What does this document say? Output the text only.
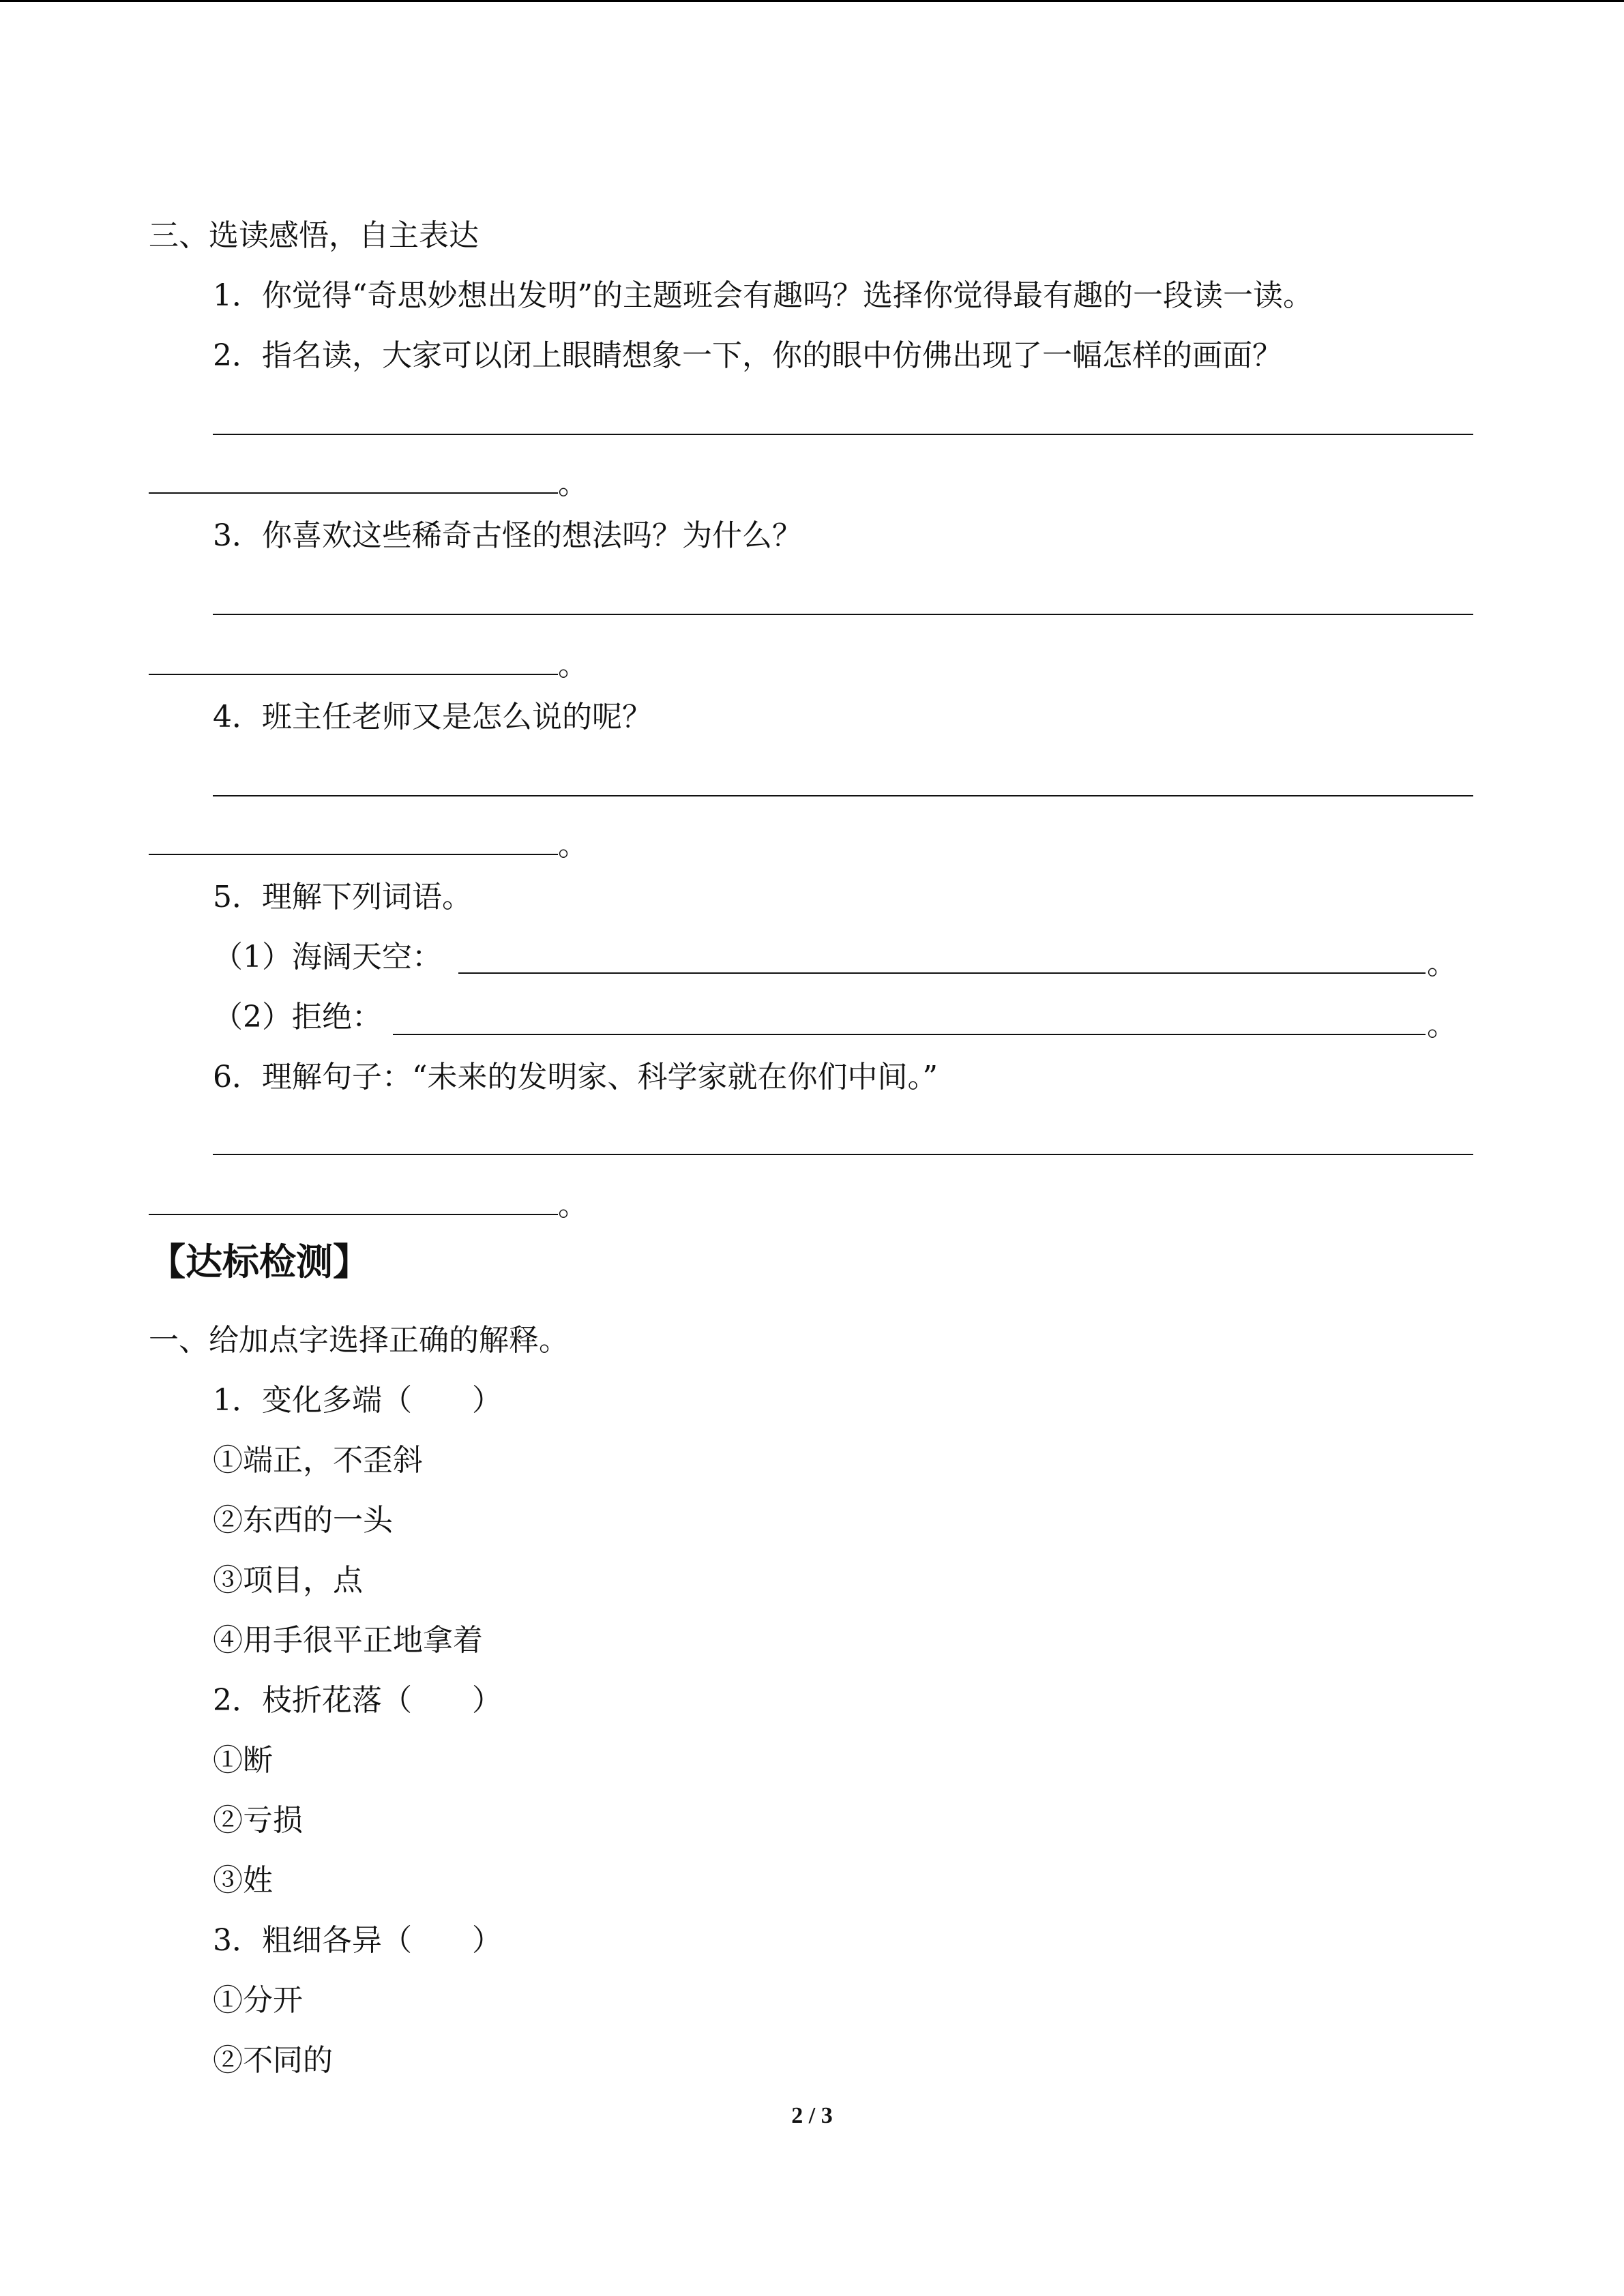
三、选读感悟，自主表达
1．你觉得“奇思妙想出发明”的主题班会有趣吗？选择你觉得最有趣的一段读一读。
2．指名读，大家可以闭上眼睛想象一下，你的眼中仿佛出现了一幅怎样的画面？
。
3．你喜欢这些稀奇古怪的想法吗？为什么？
。
4．班主任老师又是怎么说的呢？
。
5．理解下列词语。
（1）海阔天空：	。
（2）拒绝：	。
6．理解句子：“未来的发明家、科学家就在你们中间。”
。
【达标检测】
一、给加点字选择正确的解释。
1．变化多端（　　）
①端正，不歪斜
②东西的一头
③项目，点
④用手很平正地拿着
2．枝折花落（　　）
①断
②亏损
③姓
3．粗细各异（　　）
①分开
②不同的
2 / 3
